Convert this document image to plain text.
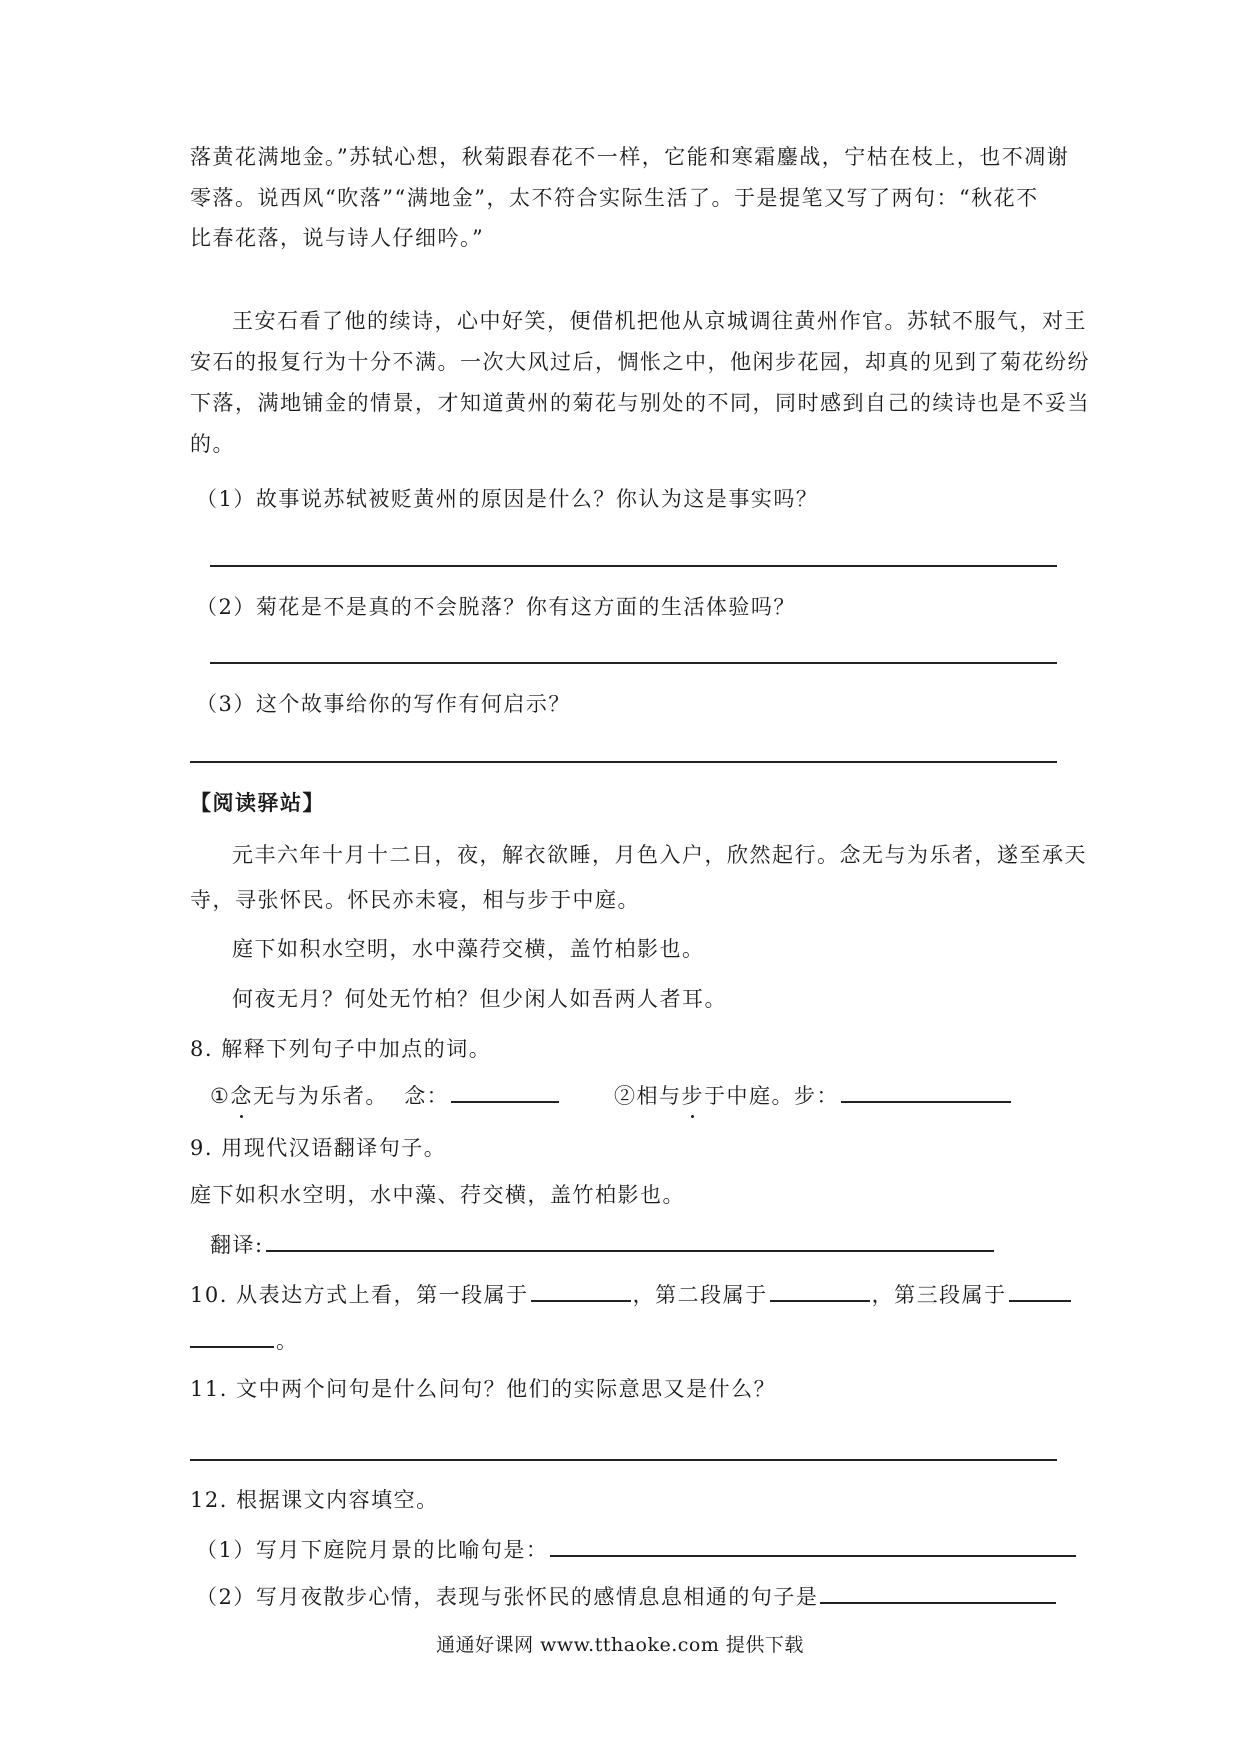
落黄花满地金。”苏轼心想，秋菊跟春花不一样，它能和寒霜鏖战，宁枯在枝上，也不凋谢
零落。说西风“吹落”“满地金”，太不符合实际生活了。于是提笔又写了两句：“秋花不
比春花落，说与诗人仔细吟。”
王安石看了他的续诗，心中好笑，便借机把他从京城调往黄州作官。苏轼不服气，对王
安石的报复行为十分不满。一次大风过后，惆怅之中，他闲步花园，却真的见到了菊花纷纷
下落，满地铺金的情景，才知道黄州的菊花与别处的不同，同时感到自己的续诗也是不妥当
的。
（1）故事说苏轼被贬黄州的原因是什么？你认为这是事实吗？
（2）菊花是不是真的不会脱落？你有这方面的生活体验吗？
（3）这个故事给你的写作有何启示？
【阅读驿站】
元丰六年十月十二日，夜，解衣欲睡，月色入户，欣然起行。念无与为乐者，遂至承天
寺，寻张怀民。怀民亦未寝，相与步于中庭。
庭下如积水空明，水中藻荇交横，盖竹柏影也。
何夜无月？何处无竹柏？但少闲人如吾两人者耳。
8. 解释下列句子中加点的词。
①念无与为乐者。 念：	②相与步于中庭。步：
9. 用现代汉语翻译句子。
庭下如积水空明，水中藻、荇交横，盖竹柏影也。
翻译:
10. 从表达方式上看，第一段属于	，第二段属于	，第三段属于
。
11. 文中两个问句是什么问句？他们的实际意思又是什么？
12. 根据课文内容填空。
（1）写月下庭院月景的比喻句是：
（2）写月夜散步心情，表现与张怀民的感情息息相通的句子是
通通好课网 www.tthaoke.com 提供下载
